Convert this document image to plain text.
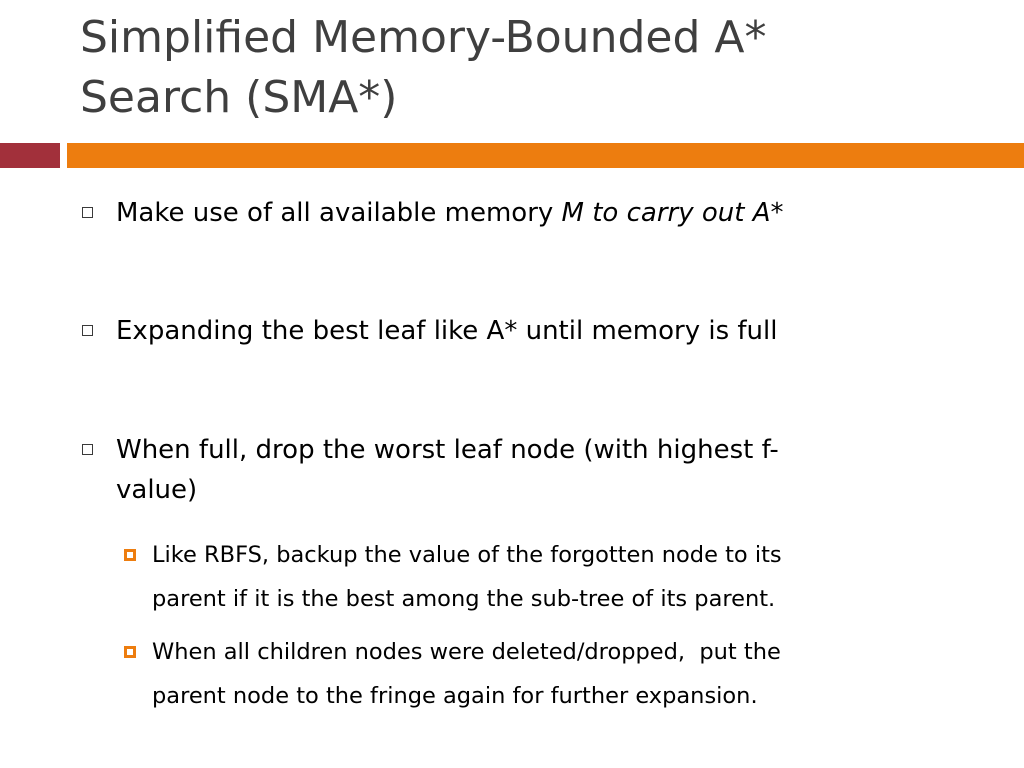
Simplified Memory-Bounded A*
Search (SMA*)
Make use of all available memory M to carry out A*
Expanding the best leaf like A* until memory is full
When full, drop the worst leaf node (with highest f-
value)
Like RBFS, backup the value of the forgotten node to its
parent if it is the best among the sub-tree of its parent.
When all children nodes were deleted/dropped,  put the
parent node to the fringe again for further expansion.
